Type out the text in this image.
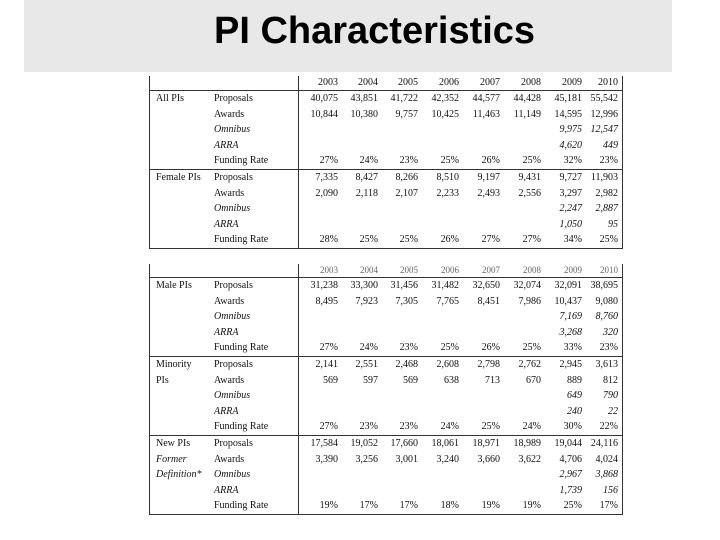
PI Characteristics
		2003	2004	2005	2006	2007	2008	2009	2010
All PIs	Proposals	40,075	43,851	41,722	42,352	44,577	44,428	45,181	55,542
	Awards	10,844	10,380	9,757	10,425	11,463	11,149	14,595	12,996
	Omnibus							9,975	12,547
	ARRA							4,620	449
	Funding Rate	27%	24%	23%	25%	26%	25%	32%	23%
Female PIs	Proposals	7,335	8,427	8,266	8,510	9,197	9,431	9,727	11,903
	Awards	2,090	2,118	2,107	2,233	2,493	2,556	3,297	2,982
	Omnibus							2,247	2,887
	ARRA							1,050	95
	Funding Rate	28%	25%	25%	26%	27%	27%	34%	25%
		2003	2004	2005	2006	2007	2008	2009	2010
Male PIs	Proposals	31,238	33,300	31,456	31,482	32,650	32,074	32,091	38,695
	Awards	8,495	7,923	7,305	7,765	8,451	7,986	10,437	9,080
	Omnibus							7,169	8,760
	ARRA							3,268	320
	Funding Rate	27%	24%	23%	25%	26%	25%	33%	23%
Minority	Proposals	2,141	2,551	2,468	2,608	2,798	2,762	2,945	3,613
PIs	Awards	569	597	569	638	713	670	889	812
	Omnibus							649	790
	ARRA							240	22
	Funding Rate	27%	23%	23%	24%	25%	24%	30%	22%
New PIs	Proposals	17,584	19,052	17,660	18,061	18,971	18,989	19,044	24,116
Former	Awards	3,390	3,256	3,001	3,240	3,660	3,622	4,706	4,024
Definition*	Omnibus							2,967	3,868
	ARRA							1,739	156
	Funding Rate	19%	17%	17%	18%	19%	19%	25%	17%
